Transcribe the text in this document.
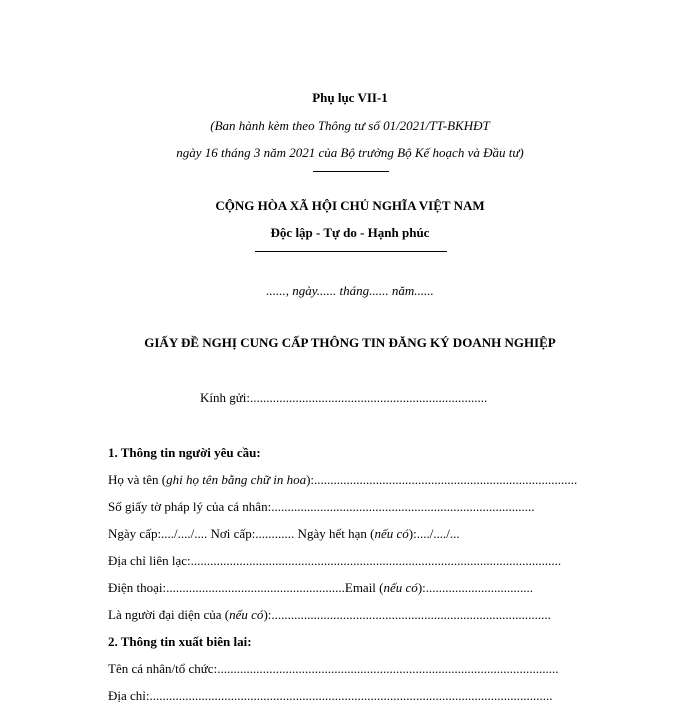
Phụ lục VII-1
(Ban hành kèm theo Thông tư số 01/2021/TT-BKHĐT
ngày 16 tháng 3 năm 2021 của Bộ trưởng Bộ Kế hoạch và Đầu tư)
CỘNG HÒA XÃ HỘI CHỦ NGHĨA VIỆT NAM
Độc lập - Tự do - Hạnh phúc
......, ngày...... tháng...... năm......
GIẤY ĐỀ NGHỊ CUNG CẤP THÔNG TIN ĐĂNG KÝ DOANH NGHIỆP
Kính gửi:.........................................................................
1. Thông tin người yêu cầu:
Họ và tên (ghi họ tên bằng chữ in hoa):.................................................................................
Số giấy tờ pháp lý của cá nhân:.................................................................................
Ngày cấp:..../..../.... Nơi cấp:............ Ngày hết hạn (nếu có):..../..../...
Địa chỉ liên lạc:..................................................................................................................
Điện thoại:.......................................................Email (nếu có):.................................
Là người đại diện của (nếu có):......................................................................................
2. Thông tin xuất biên lai:
Tên cá nhân/tổ chức:.........................................................................................................
Địa chỉ:............................................................................................................................
